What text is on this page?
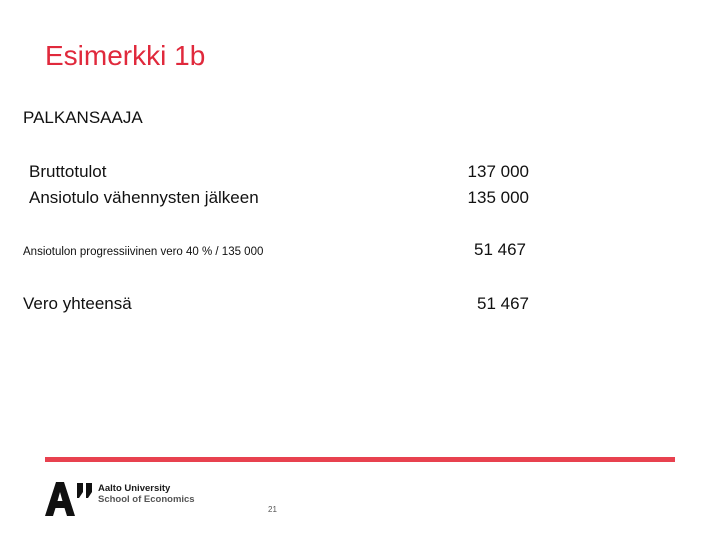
Esimerkki 1b
PALKANSAAJA
Bruttotulot	137 000
Ansiotulo vähennysten jälkeen	135 000
Ansiotulon progressiivinen vero 40 % / 135 000	51 467
Vero yhteensä	51 467
Aalto University
School of Economics
21
